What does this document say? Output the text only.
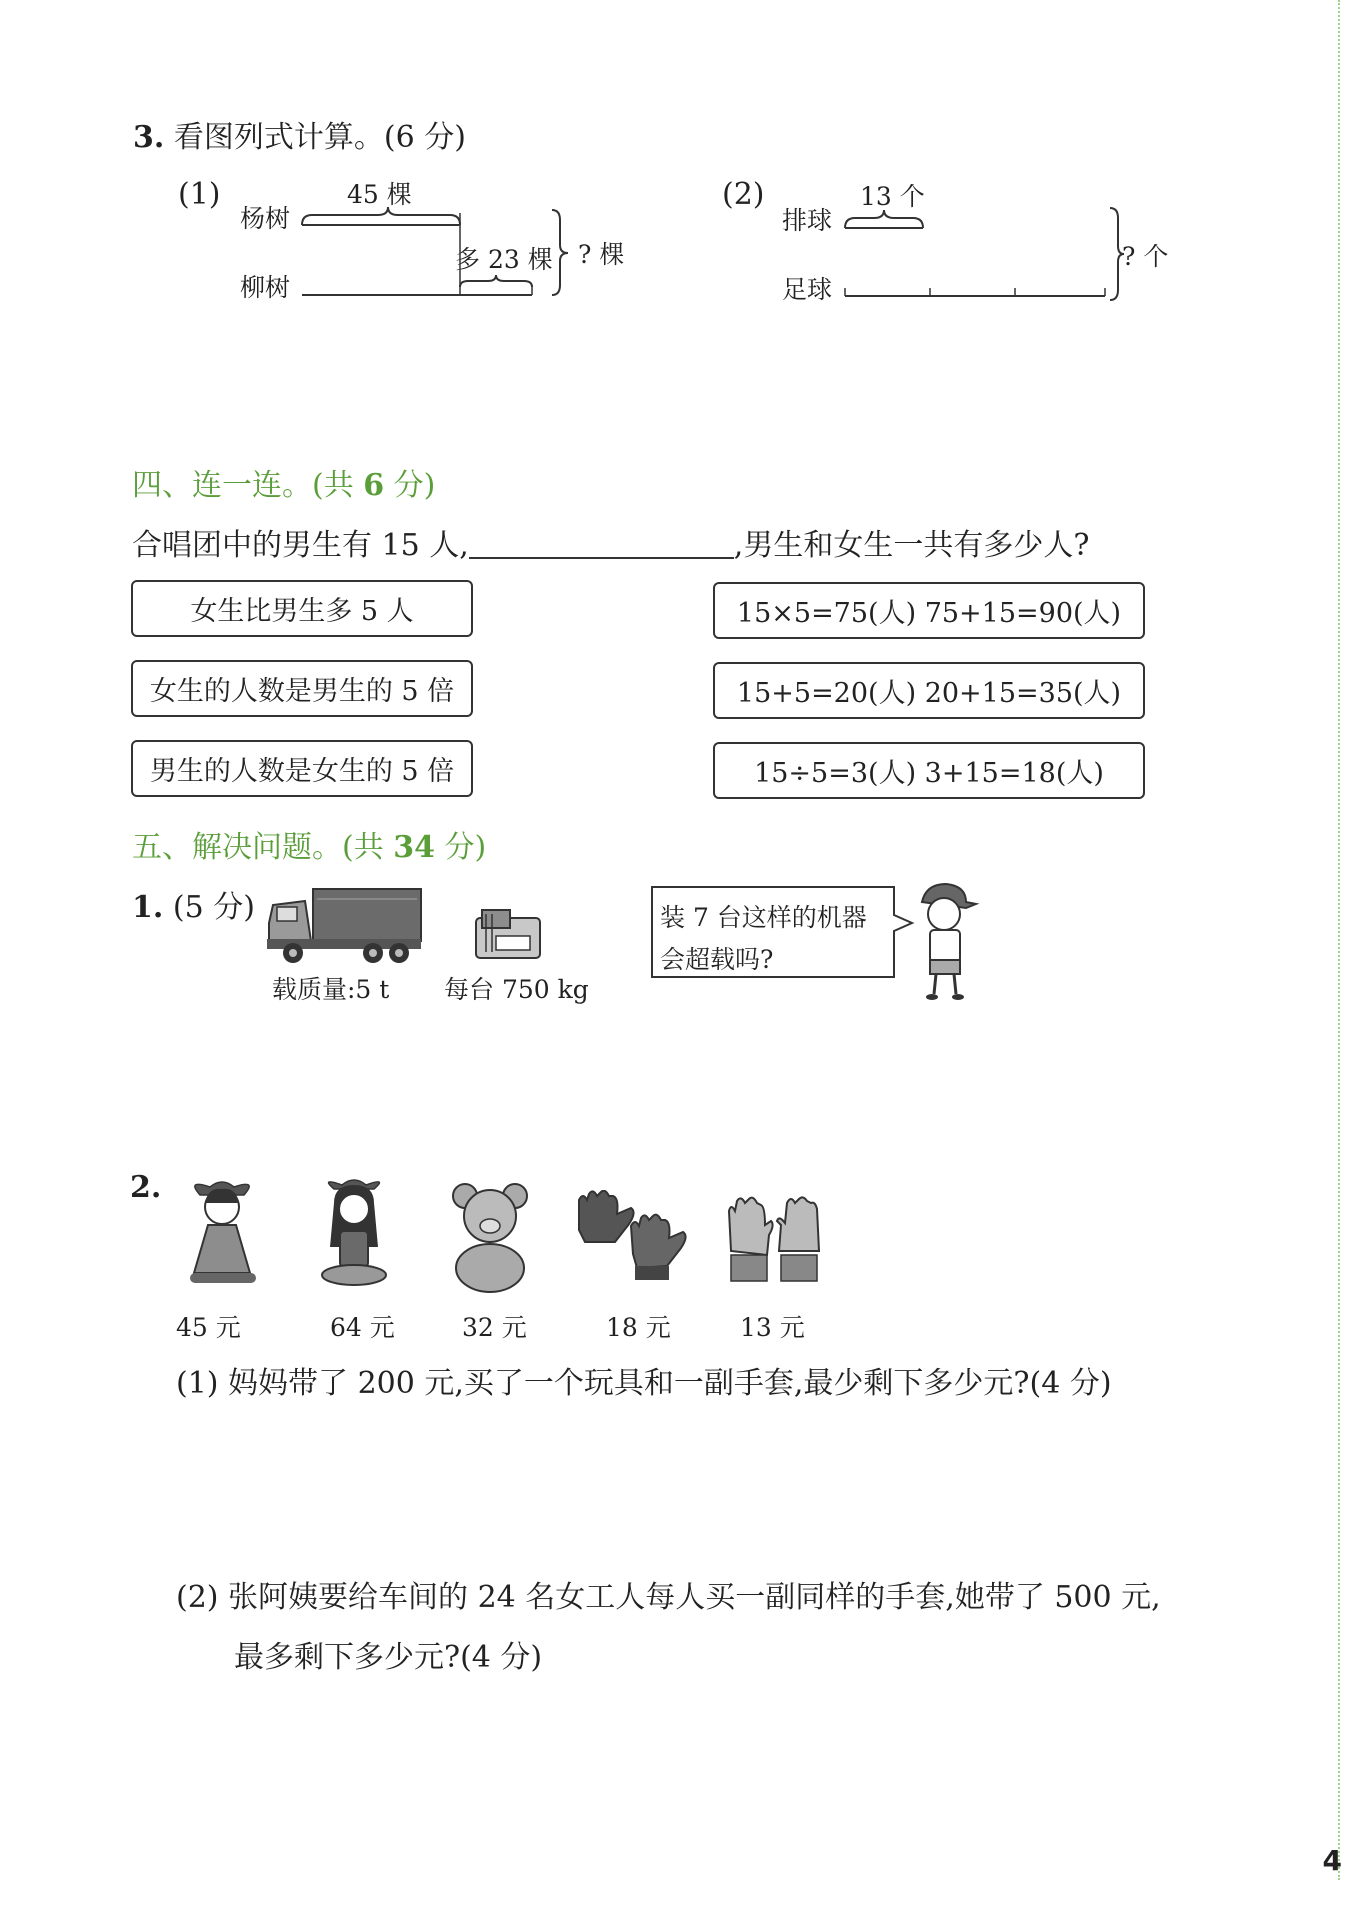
3. 看图列式计算。(6 分)
(1)
杨树
45 棵
柳树
多 23 棵 ? 棵
(2)
排球
13 个
足球
? 个
四、连一连。(共 6 分)
合唱团中的男生有 15 人,	,男生和女生一共有多少人?
女生比男生多 5 人
女生的人数是男生的 5 倍
男生的人数是女生的 5 倍
15×5=75(人) 75+15=90(人)
15+5=20(人) 20+15=35(人)
15÷5=3(人) 3+15=18(人)
五、解决问题。(共 34 分)
1. (5 分)
载质量:5 t 每台 750 kg
装 7 台这样的机器
会超载吗?
2.
45 元	64 元	32 元	18 元	13 元
(1) 妈妈带了 200 元,买了一个玩具和一副手套,最少剩下多少元?(4 分)
(2) 张阿姨要给车间的 24 名女工人每人买一副同样的手套,她带了 500 元,
最多剩下多少元?(4 分)
4
